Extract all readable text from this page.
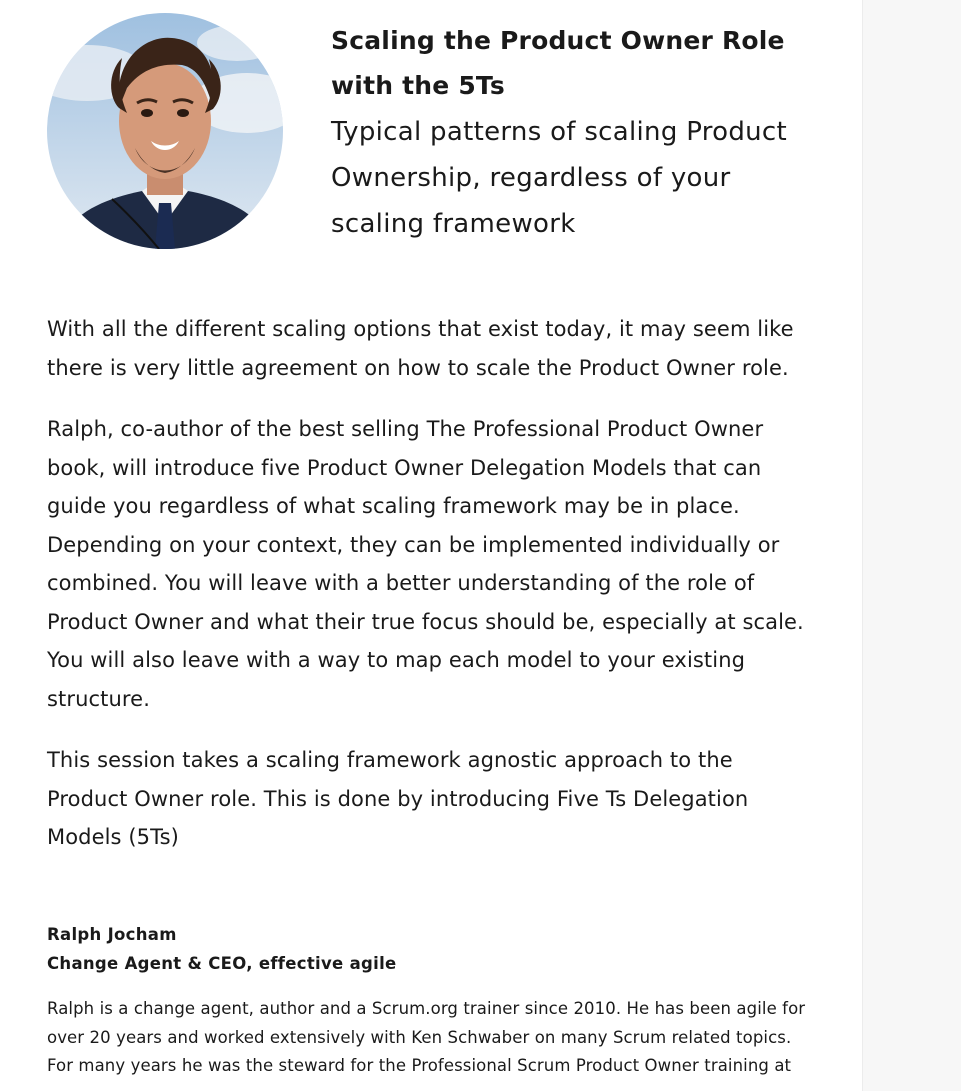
Scaling the Product Owner Role with the 5Ts
Typical patterns of scaling Product Ownership, regardless of your scaling framework

With all the different scaling options that exist today, it may seem like there is very little agreement on how to scale the Product Owner role.

Ralph, co-author of the best selling The Professional Product Owner book, will introduce five Product Owner Delegation Models that can guide you regardless of what scaling framework may be in place. Depending on your context, they can be implemented individually or combined. You will leave with a better understanding of the role of Product Owner and what their true focus should be, especially at scale. You will also leave with a way to map each model to your existing structure.

This session takes a scaling framework agnostic approach to the Product Owner role. This is done by introducing Five Ts Delegation Models (5Ts)

Ralph Jocham
Change Agent & CEO, effective agile

Ralph is a change agent, author and a Scrum.org trainer since 2010. He has been agile for over 20 years and worked extensively with Ken Schwaber on many Scrum related topics. For many years he was the steward for the Professional Scrum Product Owner training at
